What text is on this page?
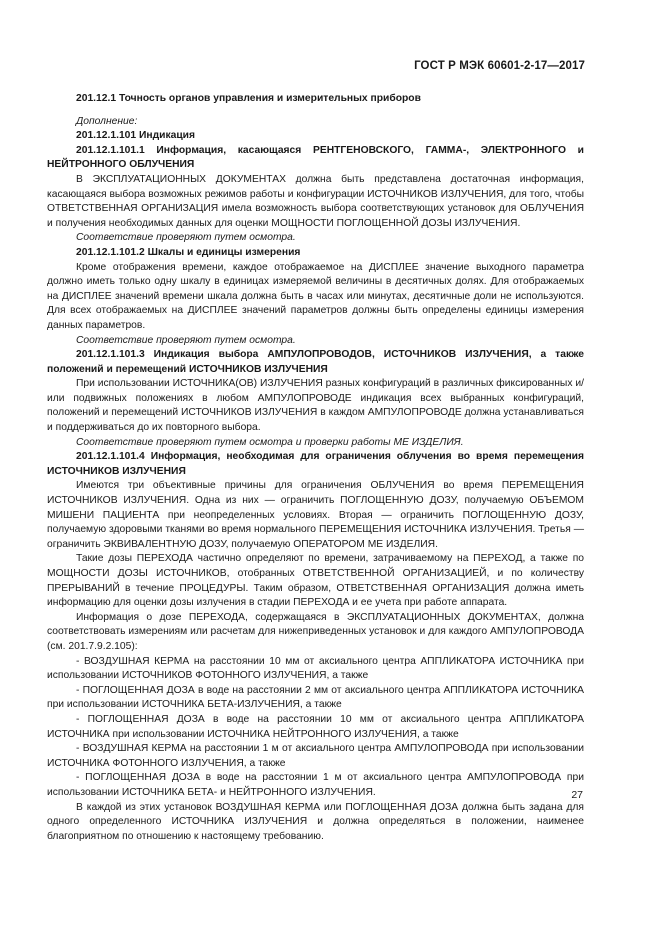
ГОСТ Р МЭК 60601-2-17—2017

201.12.1 Точность органов управления и измерительных приборов

Дополнение:

201.12.1.101 Индикация

201.12.1.101.1 Информация, касающаяся РЕНТГЕНОВСКОГО, ГАММА-, ЭЛЕКТРОННОГО и НЕЙТРОННОГО ОБЛУЧЕНИЯ

В ЭКСПЛУАТАЦИОННЫХ ДОКУМЕНТАХ должна быть представлена достаточная информация, касающаяся выбора возможных режимов работы и конфигурации ИСТОЧНИКОВ ИЗЛУЧЕНИЯ, для того, чтобы ОТВЕТСТВЕННАЯ ОРГАНИЗАЦИЯ имела возможность выбора соответствующих установок для ОБЛУЧЕНИЯ и получения необходимых данных для оценки МОЩНОСТИ ПОГЛОЩЕННОЙ ДОЗЫ ИЗЛУЧЕНИЯ.

Соответствие проверяют путем осмотра.

201.12.1.101.2 Шкалы и единицы измерения

Кроме отображения времени, каждое отображаемое на ДИСПЛЕЕ значение выходного параметра должно иметь только одну шкалу в единицах измеряемой величины в десятичных долях. Для отображаемых на ДИСПЛЕЕ значений времени шкала должна быть в часах или минутах, десятичные доли не используются. Для всех отображаемых на ДИСПЛЕЕ значений параметров должны быть определены единицы измерения данных параметров.

Соответствие проверяют путем осмотра.

201.12.1.101.3 Индикация выбора АМПУЛОПРОВОДОВ, ИСТОЧНИКОВ ИЗЛУЧЕНИЯ, а также положений и перемещений ИСТОЧНИКОВ ИЗЛУЧЕНИЯ

При использовании ИСТОЧНИКА(ОВ) ИЗЛУЧЕНИЯ разных конфигураций в различных фиксированных и/или подвижных положениях в любом АМПУЛОПРОВОДЕ индикация всех выбранных конфигураций, положений и перемещений ИСТОЧНИКОВ ИЗЛУЧЕНИЯ в каждом АМПУЛОПРОВОДЕ должна устанавливаться и поддерживаться до их повторного выбора.

Соответствие проверяют путем осмотра и проверки работы МЕ ИЗДЕЛИЯ.

201.12.1.101.4 Информация, необходимая для ограничения облучения во время перемещения ИСТОЧНИКОВ ИЗЛУЧЕНИЯ

Имеются три объективные причины для ограничения ОБЛУЧЕНИЯ во время ПЕРЕМЕЩЕНИЯ ИСТОЧНИКОВ ИЗЛУЧЕНИЯ. Одна из них — ограничить ПОГЛОЩЕННУЮ ДОЗУ, получаемую ОБЪЕМОМ МИШЕНИ ПАЦИЕНТА при неопределенных условиях. Вторая — ограничить ПОГЛОЩЕННУЮ ДОЗУ, получаемую здоровыми тканями во время нормального ПЕРЕМЕЩЕНИЯ ИСТОЧНИКА ИЗЛУЧЕНИЯ. Третья — ограничить ЭКВИВАЛЕНТНУЮ ДОЗУ, получаемую ОПЕРАТОРОМ МЕ ИЗДЕЛИЯ.

Такие дозы ПЕРЕХОДА частично определяют по времени, затрачиваемому на ПЕРЕХОД, а также по МОЩНОСТИ ДОЗЫ ИСТОЧНИКОВ, отобранных ОТВЕТСТВЕННОЙ ОРГАНИЗАЦИЕЙ, и по количеству ПРЕРЫВАНИЙ в течение ПРОЦЕДУРЫ. Таким образом, ОТВЕТСТВЕННАЯ ОРГАНИЗАЦИЯ должна иметь информацию для оценки дозы излучения в стадии ПЕРЕХОДА и ее учета при работе аппарата.

Информация о дозе ПЕРЕХОДА, содержащаяся в ЭКСПЛУАТАЦИОННЫХ ДОКУМЕНТАХ, должна соответствовать измерениям или расчетам для нижеприведенных установок и для каждого АМПУЛОПРОВОДА (см. 201.7.9.2.105):

- ВОЗДУШНАЯ КЕРМА на расстоянии 10 мм от аксиального центра АППЛИКАТОРА ИСТОЧНИКА при использовании ИСТОЧНИКОВ ФОТОННОГО ИЗЛУЧЕНИЯ, а также

- ПОГЛОЩЕННАЯ ДОЗА в воде на расстоянии 2 мм от аксиального центра АППЛИКАТОРА ИСТОЧНИКА при использовании ИСТОЧНИКА БЕТА-ИЗЛУЧЕНИЯ, а также

- ПОГЛОЩЕННАЯ ДОЗА в воде на расстоянии 10 мм от аксиального центра АППЛИКАТОРА ИСТОЧНИКА при использовании ИСТОЧНИКА НЕЙТРОННОГО ИЗЛУЧЕНИЯ, а также

- ВОЗДУШНАЯ КЕРМА на расстоянии 1 м от аксиального центра АМПУЛОПРОВОДА при использовании ИСТОЧНИКА ФОТОННОГО ИЗЛУЧЕНИЯ, а также

- ПОГЛОЩЕННАЯ ДОЗА в воде на расстоянии 1 м от аксиального центра АМПУЛОПРОВОДА при использовании ИСТОЧНИКА БЕТА- и НЕЙТРОННОГО ИЗЛУЧЕНИЯ.

В каждой из этих установок ВОЗДУШНАЯ КЕРМА или ПОГЛОЩЕННАЯ ДОЗА должна быть задана для одного определенного ИСТОЧНИКА ИЗЛУЧЕНИЯ и должна определяться в положении, наименее благоприятном по отношению к настоящему требованию.

27
